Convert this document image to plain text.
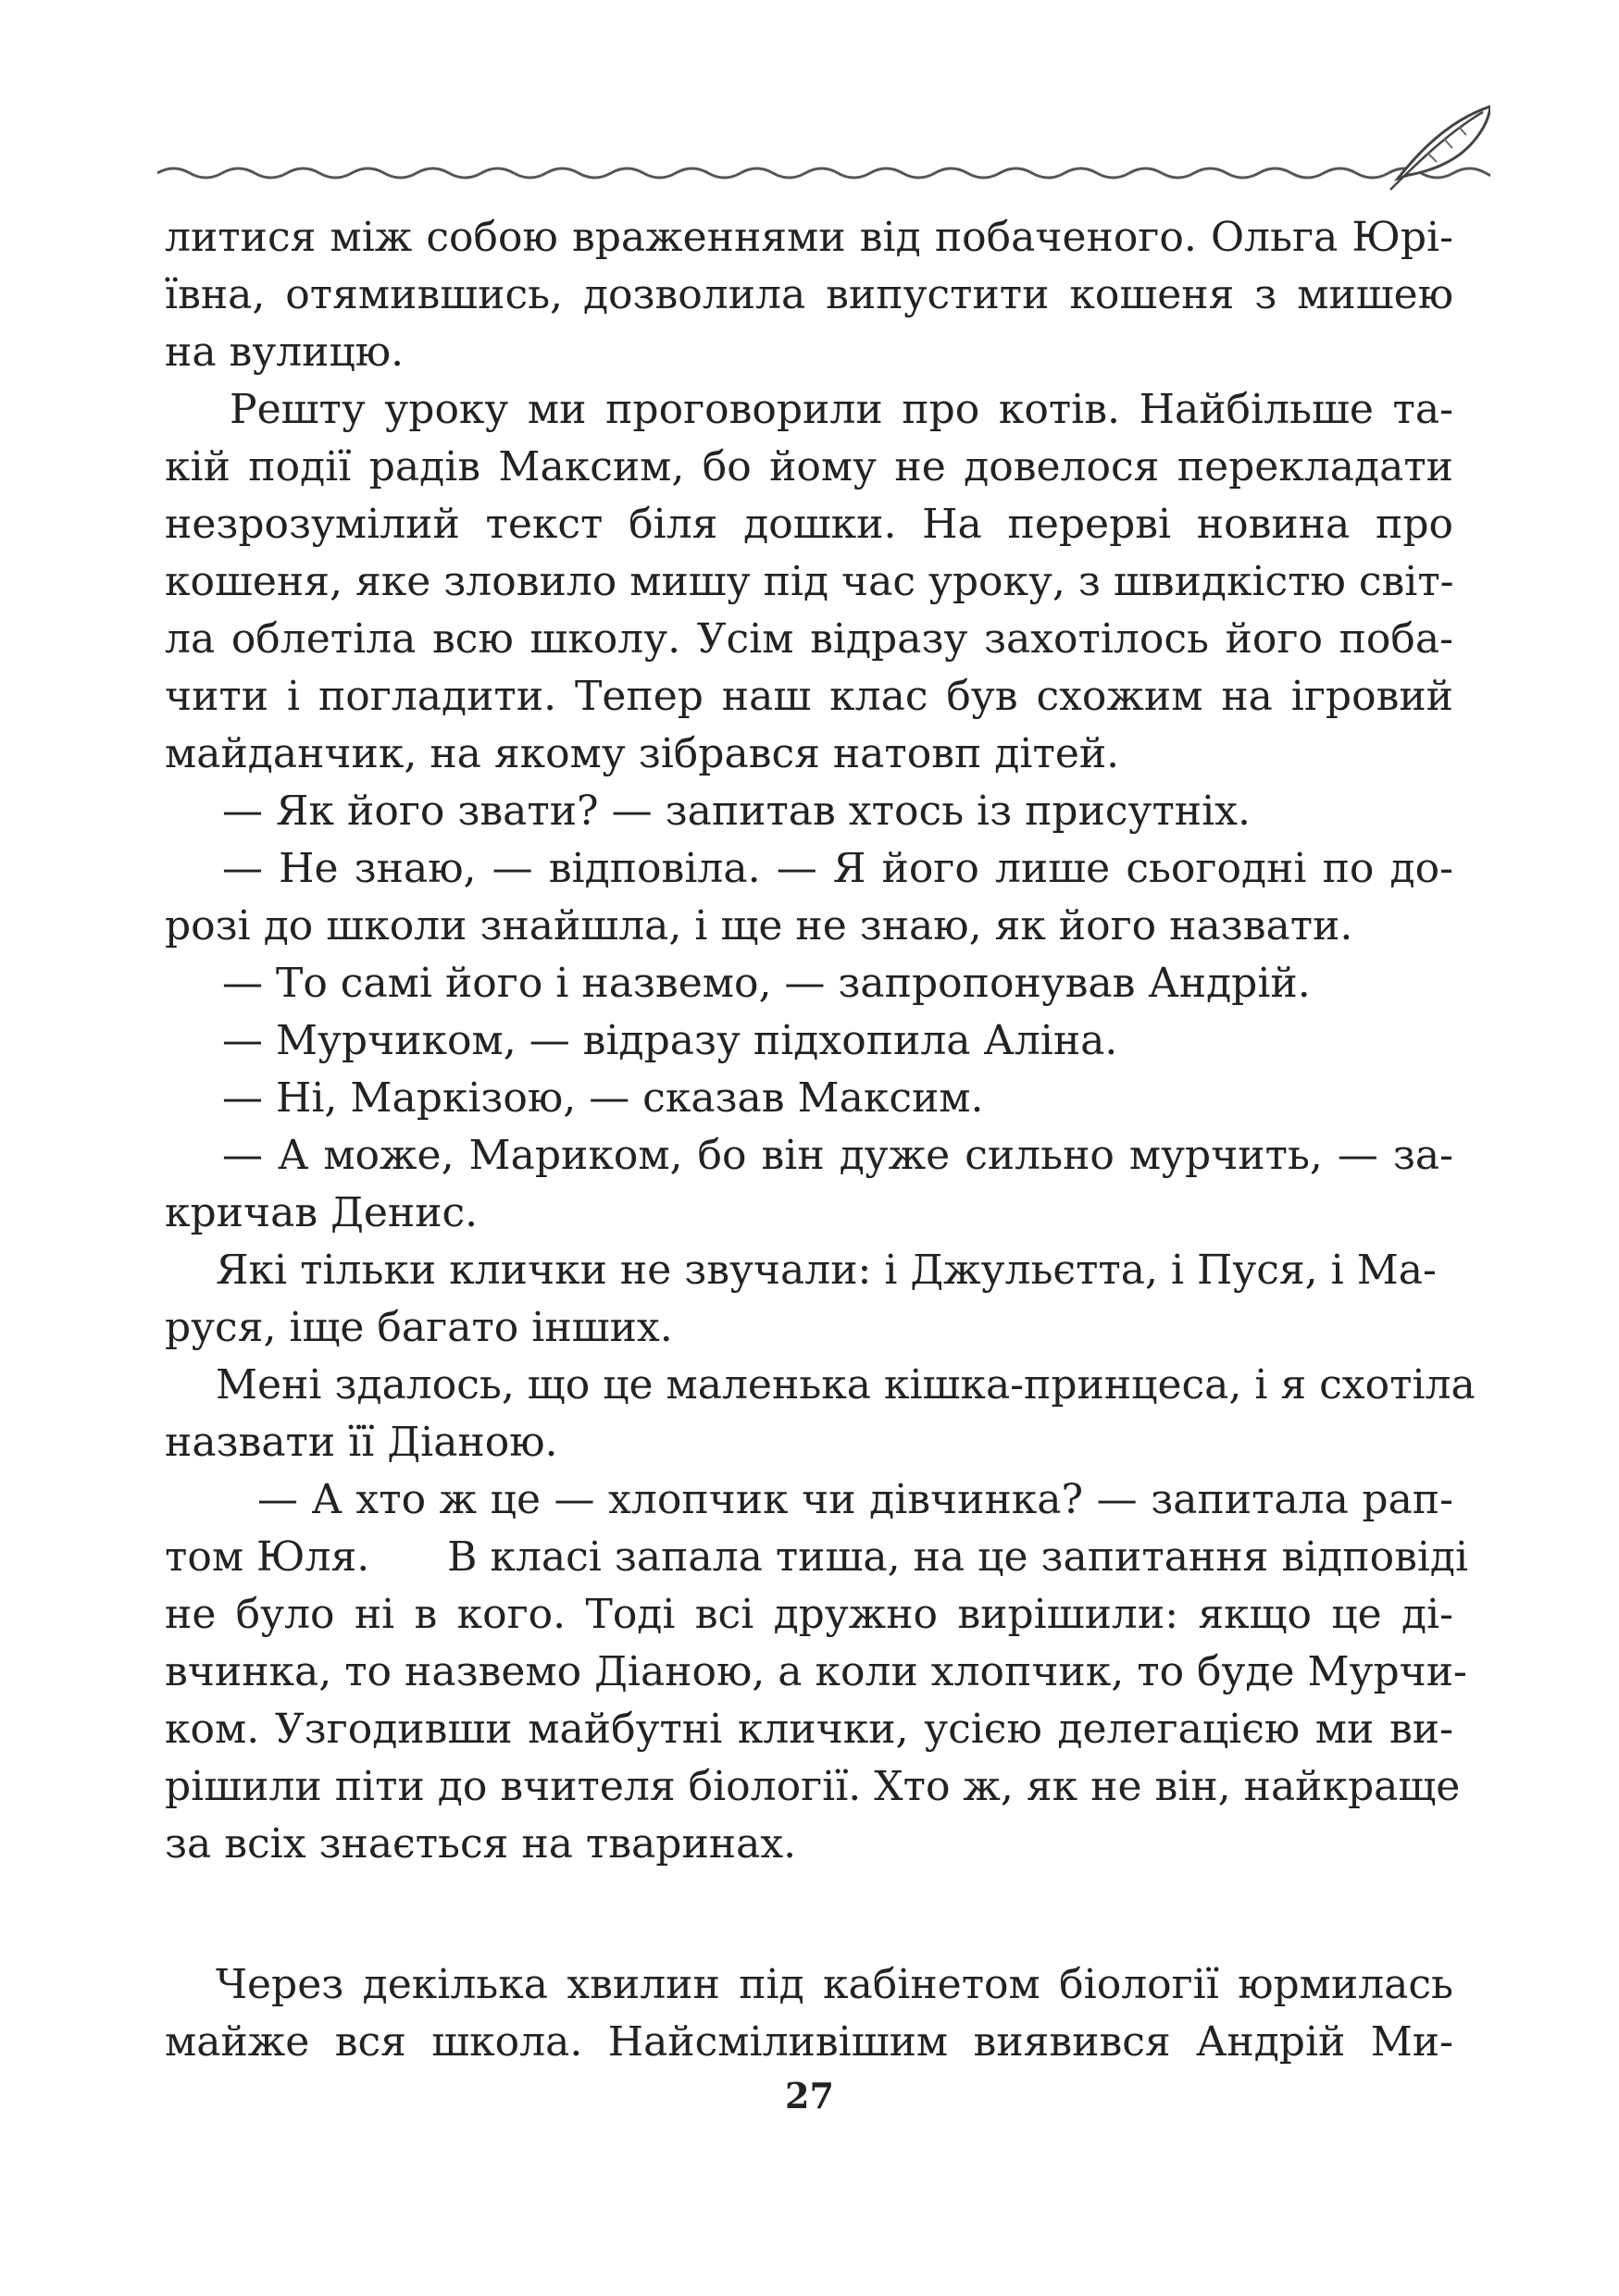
литися між собою враженнями від побаченого. Ольга Юрі-
ївна, отямившись, дозволила випустити кошеня з мишею
на вулицю.
Решту уроку ми проговорили про котів. Найбільше та-
кій події радів Максим, бо йому не довелося перекладати
незрозумілий текст біля дошки. На перерві новина про
кошеня, яке зловило мишу під час уроку, з швидкістю світ-
ла облетіла всю школу. Усім відразу захотілось його поба-
чити і погладити. Тепер наш клас був схожим на ігровий
майданчик, на якому зібрався натовп дітей.
— Як його звати? — запитав хтось із присутніх.
— Не знаю, — відповіла. — Я його лише сьогодні по до-
розі до школи знайшла, і ще не знаю, як його назвати.
— То самі його і назвемо, — запропонував Андрій.
— Мурчиком, — відразу підхопила Аліна.
— Ні, Маркізою, — сказав Максим.
— А може, Мариком, бо він дуже сильно мурчить, — за-
кричав Денис.
Які тільки клички не звучали: і Джульєтта, і Пуся, і Ма-
руся, іще багато інших.
Мені здалось, що це маленька кішка-принцеса, і я схотіла
назвати її Діаною.
— А хто ж це — хлопчик чи дівчинка? — запитала рап-
том Юля.      В класі запала тиша, на це запитання відповіді
не було ні в кого. Тоді всі дружно вирішили: якщо це ді-
вчинка, то назвемо Діаною, а коли хлопчик, то буде Мурчи-
ком. Узгодивши майбутні клички, усією делегацією ми ви-
рішили піти до вчителя біології. Хто ж, як не він, найкраще
за всіх знається на тваринах.
Через декілька хвилин під кабінетом біології юрмилась
майже вся школа. Найсміливішим виявився Андрій Ми-
27
